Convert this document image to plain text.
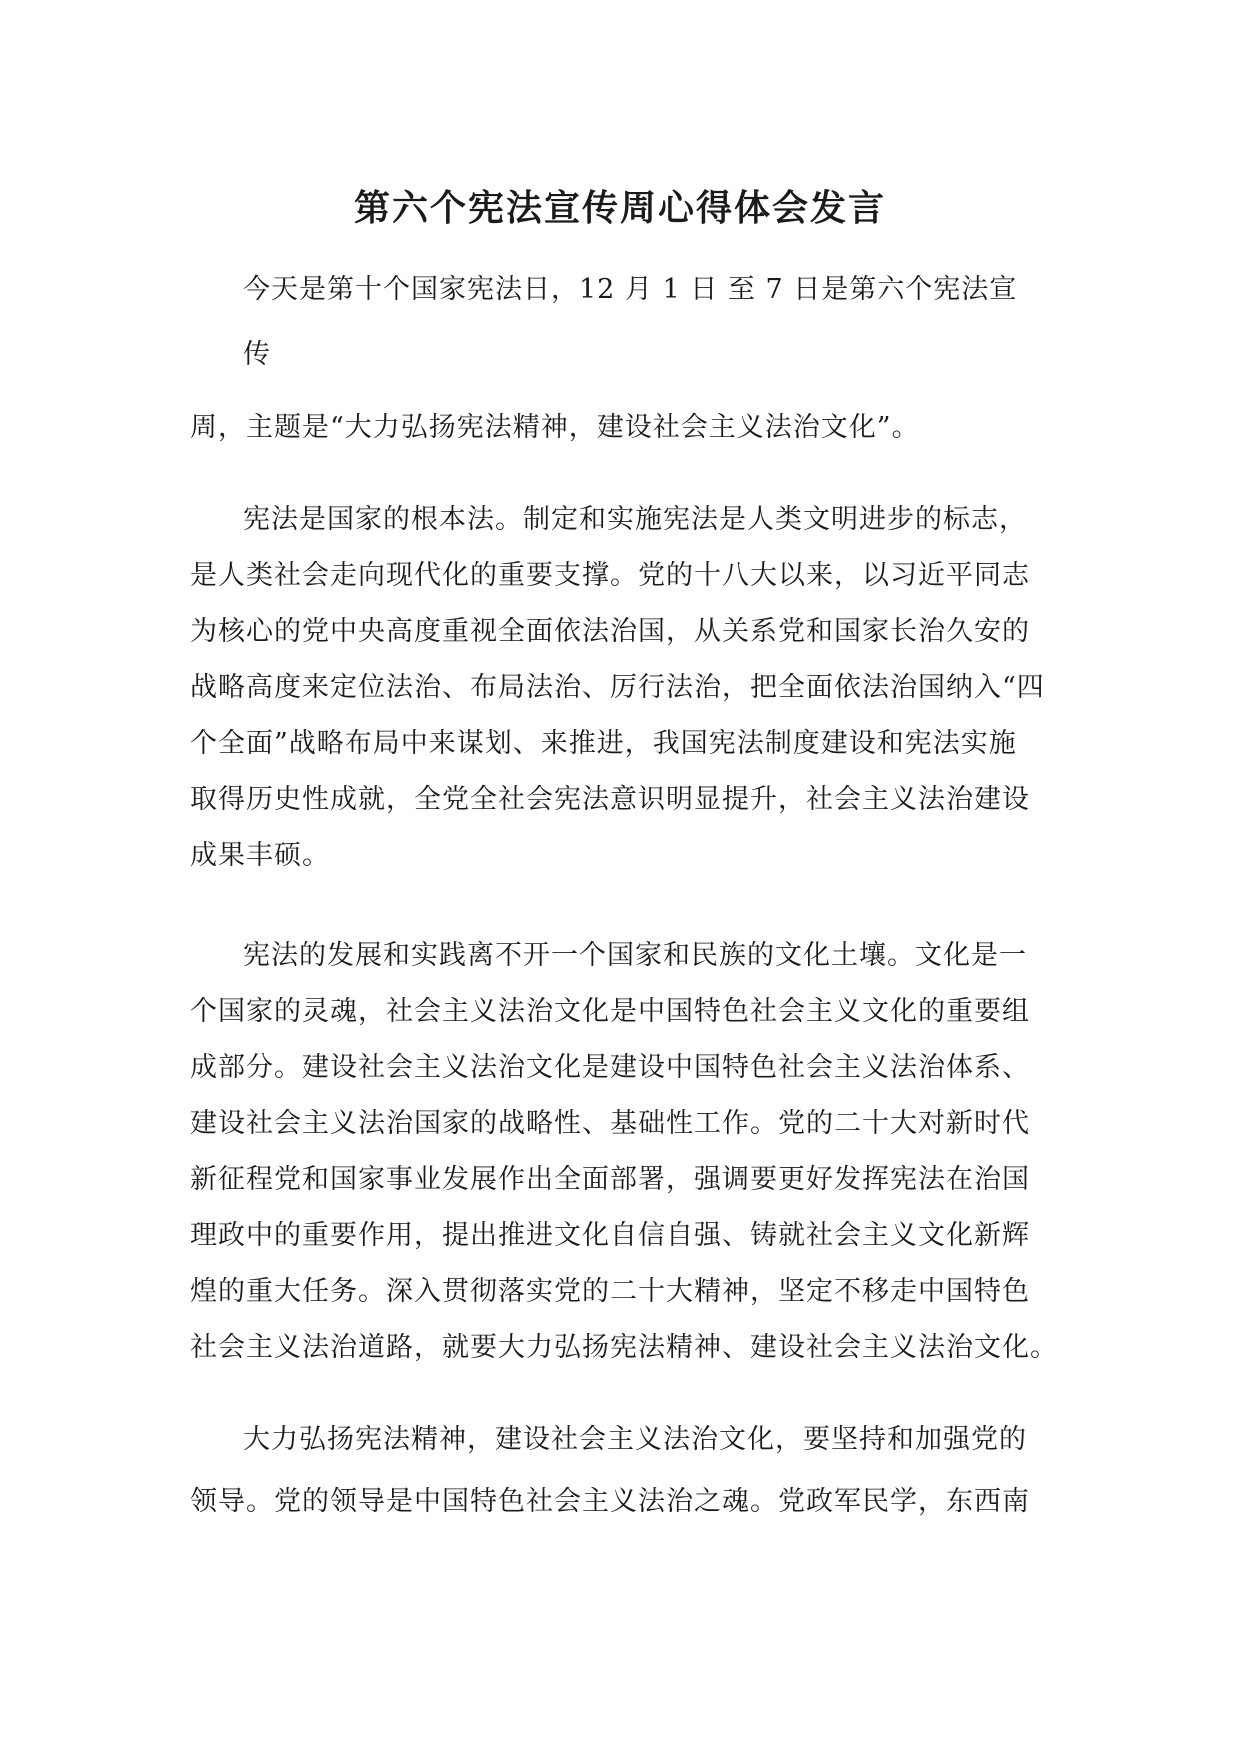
第六个宪法宣传周心得体会发言
今天是第十个国家宪法日，12 月 1 日 至 7 日是第六个宪法宣
传
周，主题是“大力弘扬宪法精神，建设社会主义法治文化”。
宪法是国家的根本法。制定和实施宪法是人类文明进步的标志，
是人类社会走向现代化的重要支撑。党的十八大以来，以习近平同志
为核心的党中央高度重视全面依法治国，从关系党和国家长治久安的
战略高度来定位法治、布局法治、厉行法治，把全面依法治国纳入“四
个全面”战略布局中来谋划、来推进，我国宪法制度建设和宪法实施
取得历史性成就，全党全社会宪法意识明显提升，社会主义法治建设
成果丰硕。
宪法的发展和实践离不开一个国家和民族的文化土壤。文化是一
个国家的灵魂，社会主义法治文化是中国特色社会主义文化的重要组
成部分。建设社会主义法治文化是建设中国特色社会主义法治体系、
建设社会主义法治国家的战略性、基础性工作。党的二十大对新时代
新征程党和国家事业发展作出全面部署，强调要更好发挥宪法在治国
理政中的重要作用，提出推进文化自信自强、铸就社会主义文化新辉
煌的重大任务。深入贯彻落实党的二十大精神，坚定不移走中国特色
社会主义法治道路，就要大力弘扬宪法精神、建设社会主义法治文化。
大力弘扬宪法精神，建设社会主义法治文化，要坚持和加强党的
领导。党的领导是中国特色社会主义法治之魂。党政军民学，东西南
